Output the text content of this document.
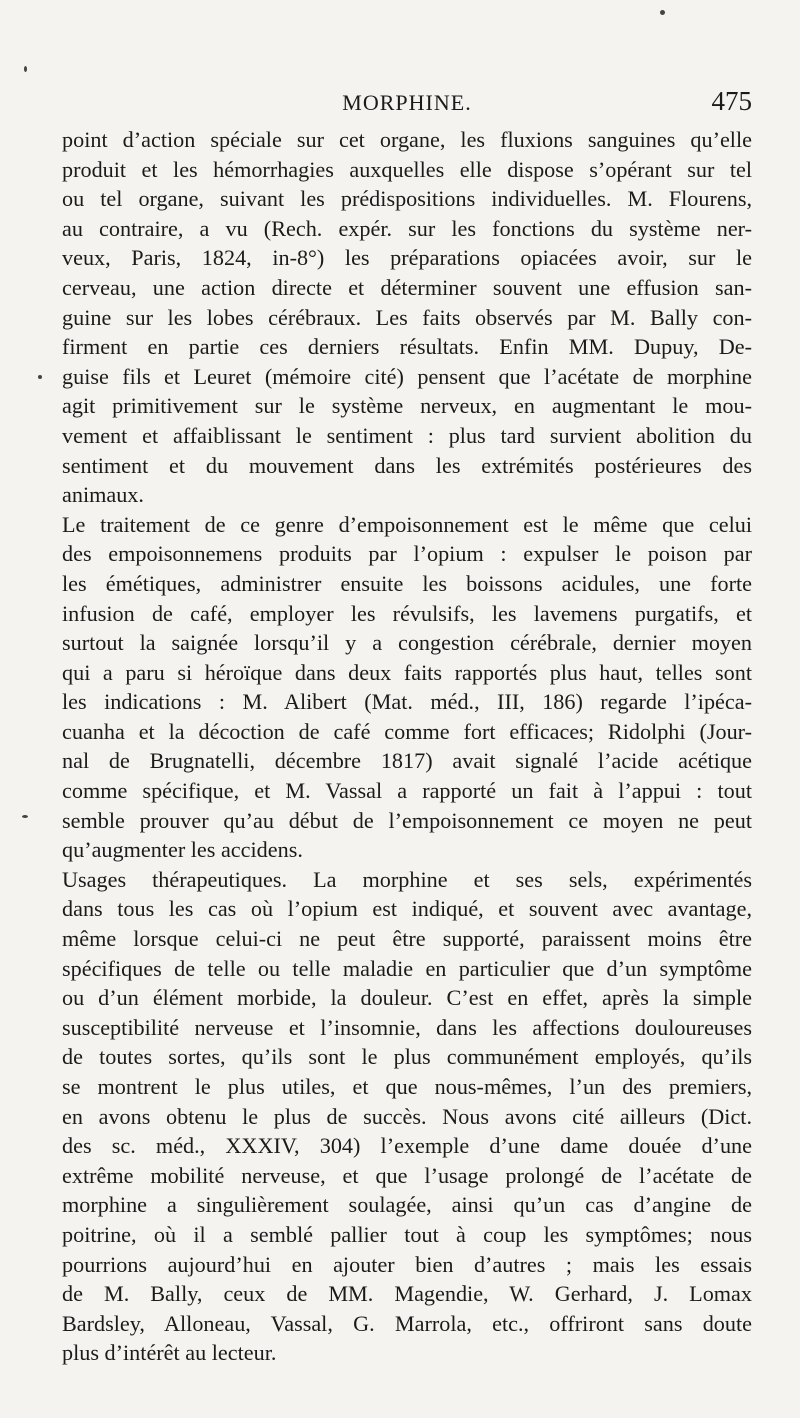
MORPHINE.	475
point d’action spéciale sur cet organe, les fluxions sanguines qu’elle
produit et les hémorrhagies auxquelles elle dispose s’opérant sur tel
ou tel organe, suivant les prédispositions individuelles. M. Flourens,
au contraire, a vu (Rech. expér. sur les fonctions du système ner-
veux, Paris, 1824, in-8°) les préparations opiacées avoir, sur le
cerveau, une action directe et déterminer souvent une effusion san-
guine sur les lobes cérébraux. Les faits observés par M. Bally con-
firment en partie ces derniers résultats. Enfin MM. Dupuy, De-
guise fils et Leuret (mémoire cité) pensent que l’acétate de morphine
agit primitivement sur le système nerveux, en augmentant le mou-
vement et affaiblissant le sentiment : plus tard survient abolition du
sentiment et du mouvement dans les extrémités postérieures des
animaux.
Le traitement de ce genre d’empoisonnement est le même que celui
des empoisonnemens produits par l’opium : expulser le poison par
les émétiques, administrer ensuite les boissons acidules, une forte
infusion de café, employer les révulsifs, les lavemens purgatifs, et
surtout la saignée lorsqu’il y a congestion cérébrale, dernier moyen
qui a paru si héroïque dans deux faits rapportés plus haut, telles sont
les indications : M. Alibert (Mat. méd., III, 186) regarde l’ipéca-
cuanha et la décoction de café comme fort efficaces; Ridolphi (Jour-
nal de Brugnatelli, décembre 1817) avait signalé l’acide acétique
comme spécifique, et M. Vassal a rapporté un fait à l’appui : tout
semble prouver qu’au début de l’empoisonnement ce moyen ne peut
qu’augmenter les accidens.
Usages thérapeutiques. La morphine et ses sels, expérimentés
dans tous les cas où l’opium est indiqué, et souvent avec avantage,
même lorsque celui-ci ne peut être supporté, paraissent moins être
spécifiques de telle ou telle maladie en particulier que d’un symptôme
ou d’un élément morbide, la douleur. C’est en effet, après la simple
susceptibilité nerveuse et l’insomnie, dans les affections douloureuses
de toutes sortes, qu’ils sont le plus communément employés, qu’ils
se montrent le plus utiles, et que nous-mêmes, l’un des premiers,
en avons obtenu le plus de succès. Nous avons cité ailleurs (Dict.
des sc. méd., XXXIV, 304) l’exemple d’une dame douée d’une
extrême mobilité nerveuse, et que l’usage prolongé de l’acétate de
morphine a singulièrement soulagée, ainsi qu’un cas d’angine de
poitrine, où il a semblé pallier tout à coup les symptômes; nous
pourrions aujourd’hui en ajouter bien d’autres ; mais les essais
de M. Bally, ceux de MM. Magendie, W. Gerhard, J. Lomax
Bardsley, Alloneau, Vassal, G. Marrola, etc., offriront sans doute
plus d’intérêt au lecteur.
